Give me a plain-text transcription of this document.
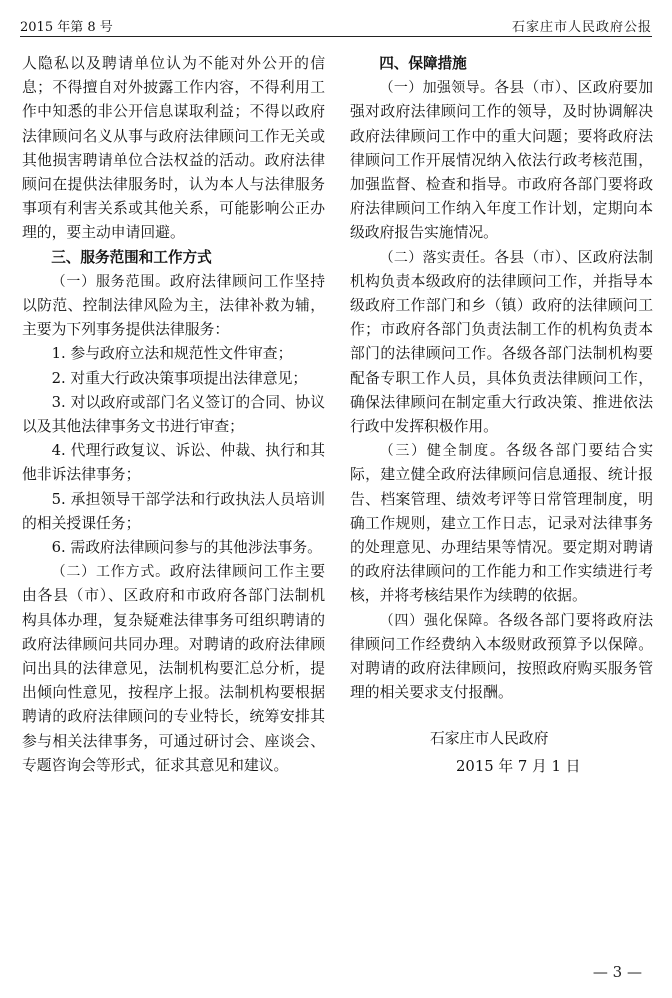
2015 年第 8 号	石家庄市人民政府公报

人隐私以及聘请单位认为不能对外公开的信息；不得擅自对外披露工作内容，不得利用工作中知悉的非公开信息谋取利益；不得以政府法律顾问名义从事与政府法律顾问工作无关或其他损害聘请单位合法权益的活动。政府法律顾问在提供法律服务时，认为本人与法律服务事项有利害关系或其他关系，可能影响公正办理的，要主动申请回避。

三、服务范围和工作方式

（一）服务范围。政府法律顾问工作坚持以防范、控制法律风险为主，法律补救为辅，主要为下列事务提供法律服务：

1. 参与政府立法和规范性文件审查；

2. 对重大行政决策事项提出法律意见；

3. 对以政府或部门名义签订的合同、协议以及其他法律事务文书进行审查；

4. 代理行政复议、诉讼、仲裁、执行和其他非诉法律事务；

5. 承担领导干部学法和行政执法人员培训的相关授课任务；

6. 需政府法律顾问参与的其他涉法事务。

（二）工作方式。政府法律顾问工作主要由各县（市）、区政府和市政府各部门法制机构具体办理，复杂疑难法律事务可组织聘请的政府法律顾问共同办理。对聘请的政府法律顾问出具的法律意见，法制机构要汇总分析，提出倾向性意见，按程序上报。法制机构要根据聘请的政府法律顾问的专业特长，统筹安排其参与相关法律事务，可通过研讨会、座谈会、专题咨询会等形式，征求其意见和建议。

四、保障措施

（一）加强领导。各县（市）、区政府要加强对政府法律顾问工作的领导，及时协调解决政府法律顾问工作中的重大问题；要将政府法律顾问工作开展情况纳入依法行政考核范围，加强监督、检查和指导。市政府各部门要将政府法律顾问工作纳入年度工作计划，定期向本级政府报告实施情况。

（二）落实责任。各县（市）、区政府法制机构负责本级政府的法律顾问工作，并指导本级政府工作部门和乡（镇）政府的法律顾问工作；市政府各部门负责法制工作的机构负责本部门的法律顾问工作。各级各部门法制机构要配备专职工作人员，具体负责法律顾问工作，确保法律顾问在制定重大行政决策、推进依法行政中发挥积极作用。

（三）健全制度。各级各部门要结合实际，建立健全政府法律顾问信息通报、统计报告、档案管理、绩效考评等日常管理制度，明确工作规则，建立工作日志，记录对法律事务的处理意见、办理结果等情况。要定期对聘请的政府法律顾问的工作能力和工作实绩进行考核，并将考核结果作为续聘的依据。

（四）强化保障。各级各部门要将政府法律顾问工作经费纳入本级财政预算予以保障。对聘请的政府法律顾问，按照政府购买服务管理的相关要求支付报酬。

石家庄市人民政府

2015 年 7 月 1 日

— 3 —
